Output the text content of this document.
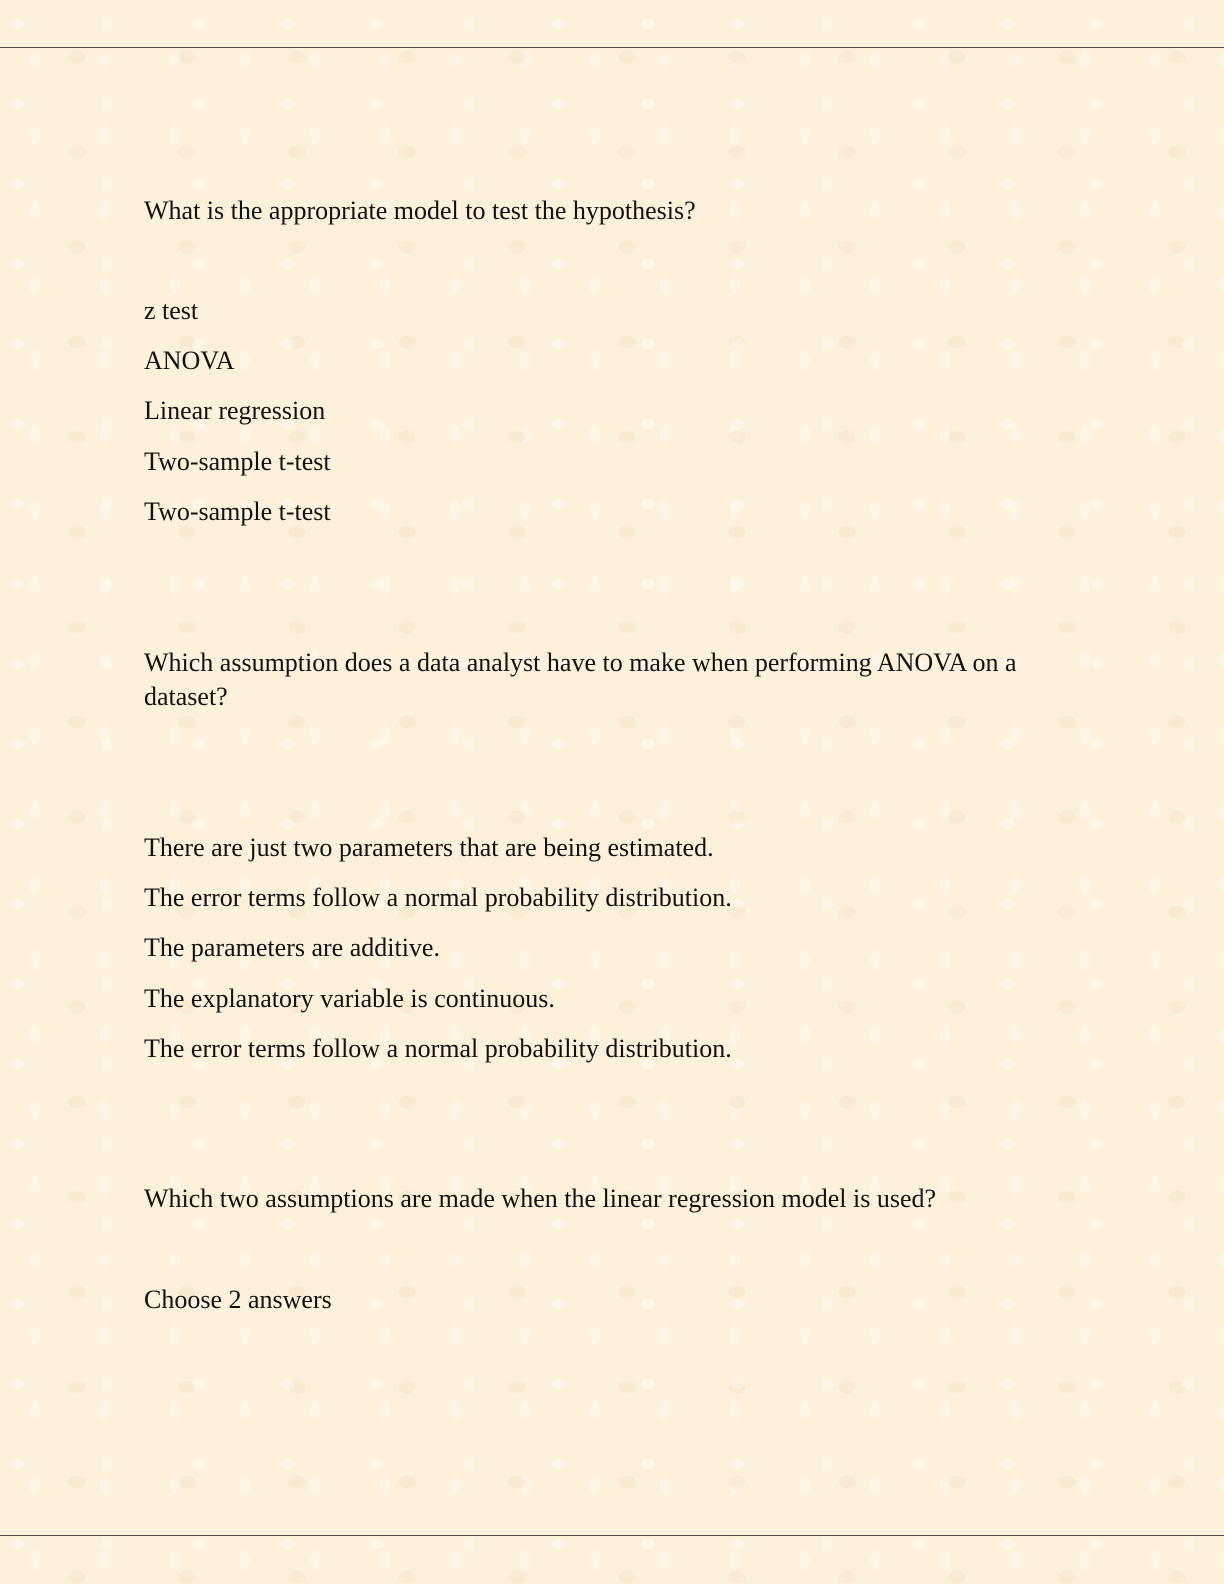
What is the appropriate model to test the hypothesis?
z test
ANOVA
Linear regression
Two-sample t-test
Two-sample t-test
Which assumption does a data analyst have to make when performing ANOVA on a dataset?
There are just two parameters that are being estimated.
The error terms follow a normal probability distribution.
The parameters are additive.
The explanatory variable is continuous.
The error terms follow a normal probability distribution.
Which two assumptions are made when the linear regression model is used?
Choose 2 answers
